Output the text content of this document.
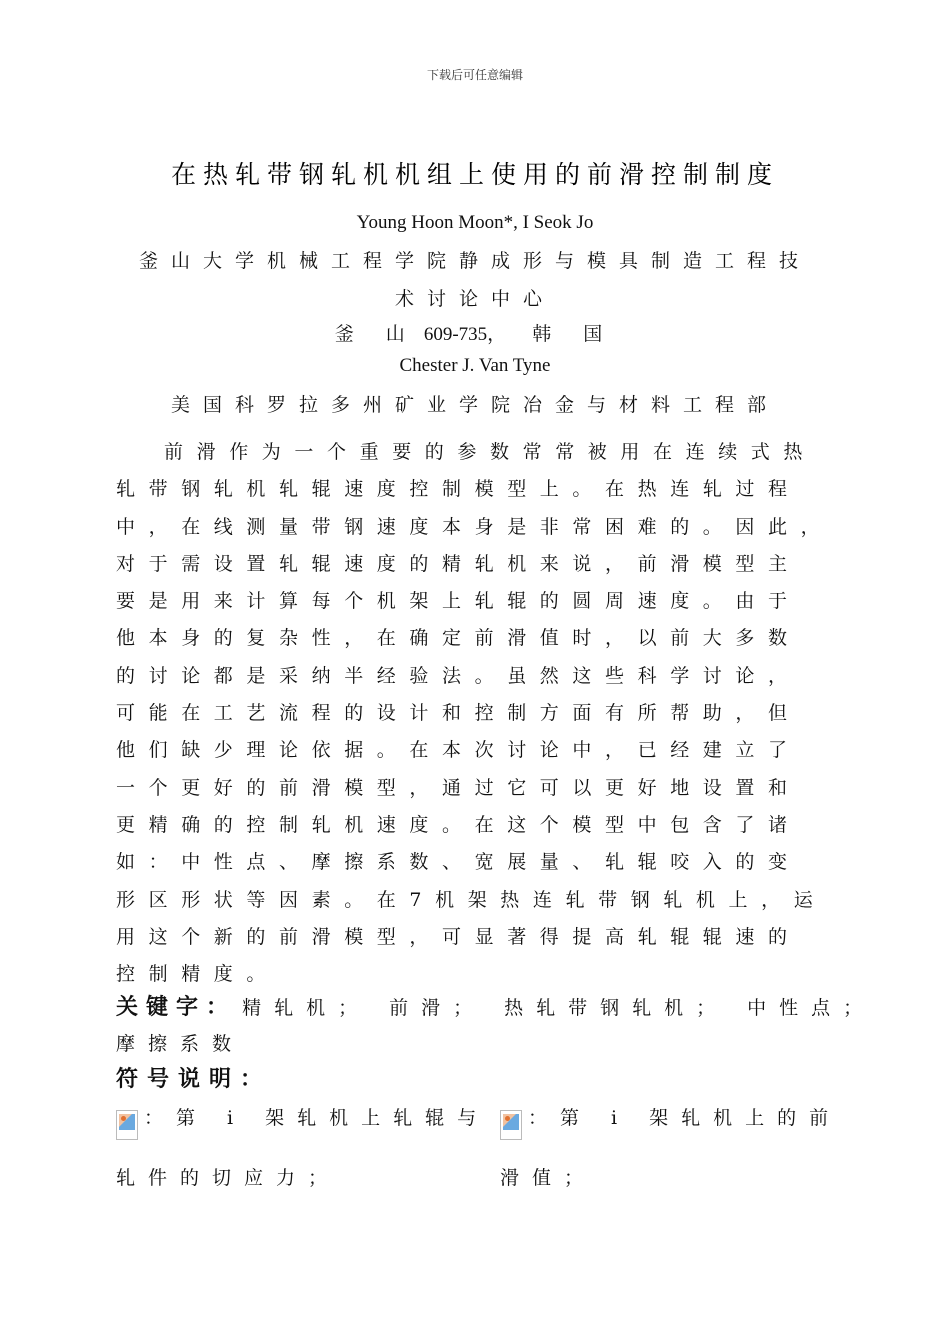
下载后可任意编辑
在热轧带钢轧机机组上使用的前滑控制制度
Young Hoon Moon*, I Seok Jo
釜山大学机械工程学院静成形与模具制造工程技
术讨论中心
釜 山 609-735， 韩 国
Chester J. Van Tyne
美国科罗拉多州矿业学院冶金与材料工程部
前滑作为一个重要的参数常常被用在连续式热
轧带钢轧机轧辊速度控制模型上。在热连轧过程
中，在线测量带钢速度本身是非常困难的。因此，
对于需设置轧辊速度的精轧机来说，前滑模型主
要是用来计算每个机架上轧辊的圆周速度。由于
他本身的复杂性，在确定前滑值时，以前大多数
的讨论都是采纳半经验法。虽然这些科学讨论，
可能在工艺流程的设计和控制方面有所帮助，但
他们缺少理论依据。在本次讨论中，已经建立了
一个更好的前滑模型，通过它可以更好地设置和
更精确的控制轧机速度。在这个模型中包含了诸
如：中性点、摩擦系数、宽展量、轧辊咬入的变
形区形状等因素。在7机架热连轧带钢轧机上，运
用这个新的前滑模型，可显著得提高轧辊辊速的
控制精度。
关键字： 精轧机； 前滑； 热轧带钢轧机； 中性点；
摩擦系数
符号说明：
：第 i 架轧机上轧辊与
轧件的切应力；
：第 i 架轧机上的前
滑值；
